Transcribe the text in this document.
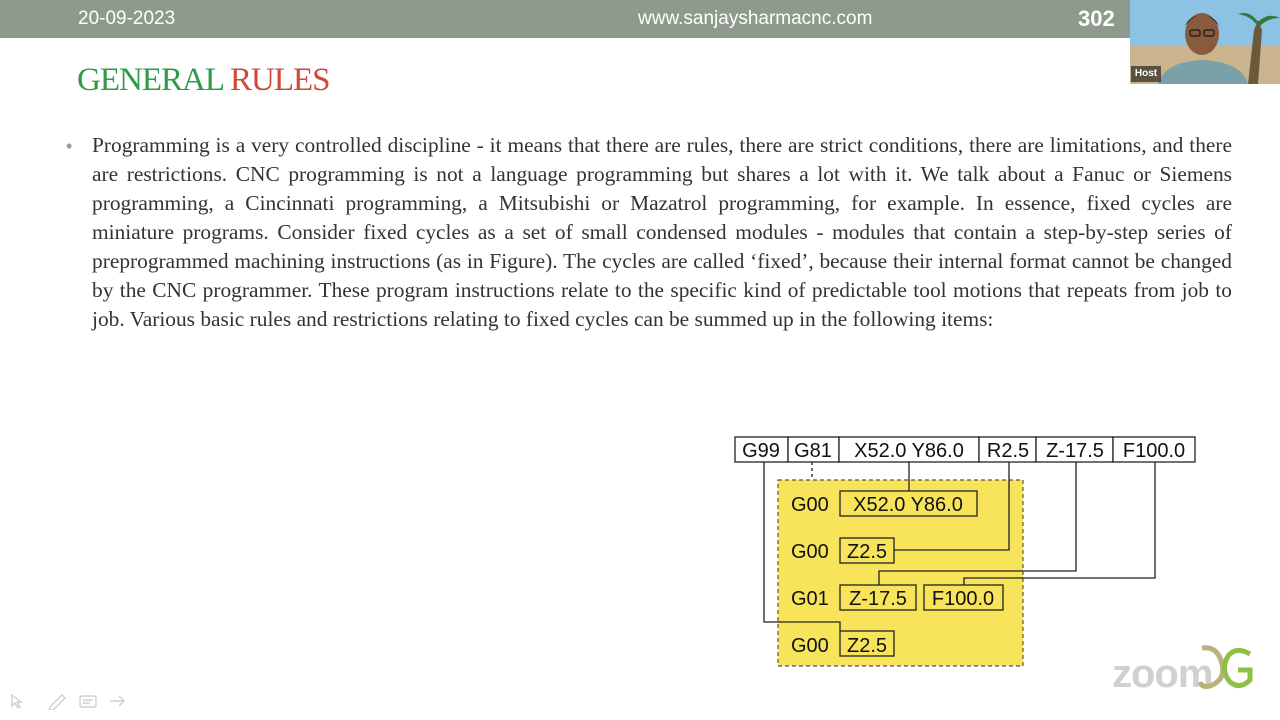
20-09-2023	www.sanjaysharmacnc.com	302
Host
GENERAL RULES
• Programming is a very controlled discipline - it means that there are rules, there are strict conditions, there are limitations, and there are restrictions. CNC programming is not a language programming but shares a lot with it. We talk about a Fanuc or Siemens programming, a Cincinnati programming, a Mitsubishi or Mazatrol programming, for example. In essence, fixed cycles are miniature programs. Consider fixed cycles as a set of small condensed modules - modules that contain a step-by-step series of preprogrammed machining instructions (as in Figure). The cycles are called ‘fixed’, because their internal format cannot be changed by the CNC programmer. These program instructions relate to the specific kind of predictable tool motions that repeats from job to job. Various basic rules and restrictions relating to fixed cycles can be summed up in the following items:
G99 G81 X52.0 Y86.0 R2.5 Z-17.5 F100.0
G00 X52.0 Y86.0
G00 Z2.5
G01 Z-17.5 F100.0
G00 Z2.5
zoom
